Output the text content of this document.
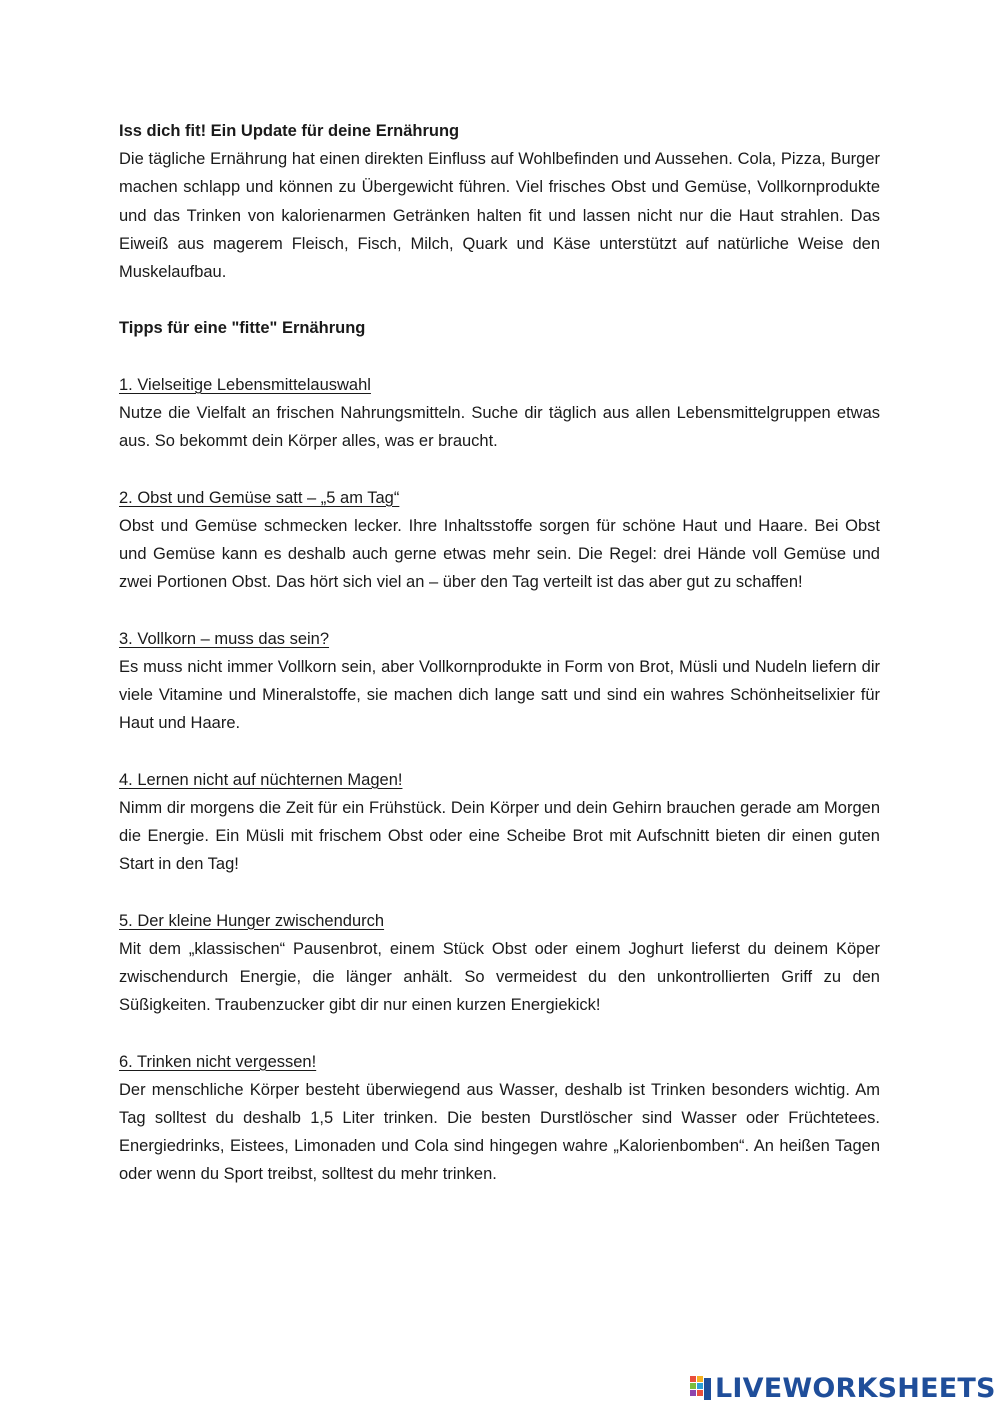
Iss dich fit! Ein Update für deine Ernährung

Die tägliche Ernährung hat einen direkten Einfluss auf Wohlbefinden und Aussehen. Cola, Pizza, Burger machen schlapp und können zu Übergewicht führen. Viel frisches Obst und Gemüse, Vollkornprodukte und das Trinken von kalorienarmen Getränken halten fit und lassen nicht nur die Haut strahlen. Das Eiweiß aus magerem Fleisch, Fisch, Milch, Quark und Käse unterstützt auf natürliche Weise den Muskelaufbau.

Tipps für eine "fitte" Ernährung

1. Vielseitige Lebensmittelauswahl

Nutze die Vielfalt an frischen Nahrungsmitteln. Suche dir täglich aus allen Lebensmittelgruppen etwas aus. So bekommt dein Körper alles, was er braucht.

2. Obst und Gemüse satt – „5 am Tag“

Obst und Gemüse schmecken lecker. Ihre Inhaltsstoffe sorgen für schöne Haut und Haare. Bei Obst und Gemüse kann es deshalb auch gerne etwas mehr sein. Die Regel: drei Hände voll Gemüse und zwei Portionen Obst. Das hört sich viel an – über den Tag verteilt ist das aber gut zu schaffen!

3. Vollkorn – muss das sein?

Es muss nicht immer Vollkorn sein, aber Vollkornprodukte in Form von Brot, Müsli und Nudeln liefern dir viele Vitamine und Mineralstoffe, sie machen dich lange satt und sind ein wahres Schönheitselixier für Haut und Haare.

4. Lernen nicht auf nüchternen Magen!

Nimm dir morgens die Zeit für ein Frühstück. Dein Körper und dein Gehirn brauchen gerade am Morgen die Energie. Ein Müsli mit frischem Obst oder eine Scheibe Brot mit Aufschnitt bieten dir einen guten Start in den Tag!

5. Der kleine Hunger zwischendurch

Mit dem „klassischen“ Pausenbrot, einem Stück Obst oder einem Joghurt lieferst du deinem Köper zwischendurch Energie, die länger anhält. So vermeidest du den unkontrollierten Griff zu den Süßigkeiten. Traubenzucker gibt dir nur einen kurzen Energiekick!

6. Trinken nicht vergessen!

Der menschliche Körper besteht überwiegend aus Wasser, deshalb ist Trinken besonders wichtig. Am Tag solltest du deshalb 1,5 Liter trinken. Die besten Durstlöscher sind Wasser oder Früchtetees. Energiedrinks, Eistees, Limonaden und Cola sind hingegen wahre „Kalorienbomben“. An heißen Tagen oder wenn du Sport treibst, solltest du mehr trinken.

LIVEWORKSHEETS
